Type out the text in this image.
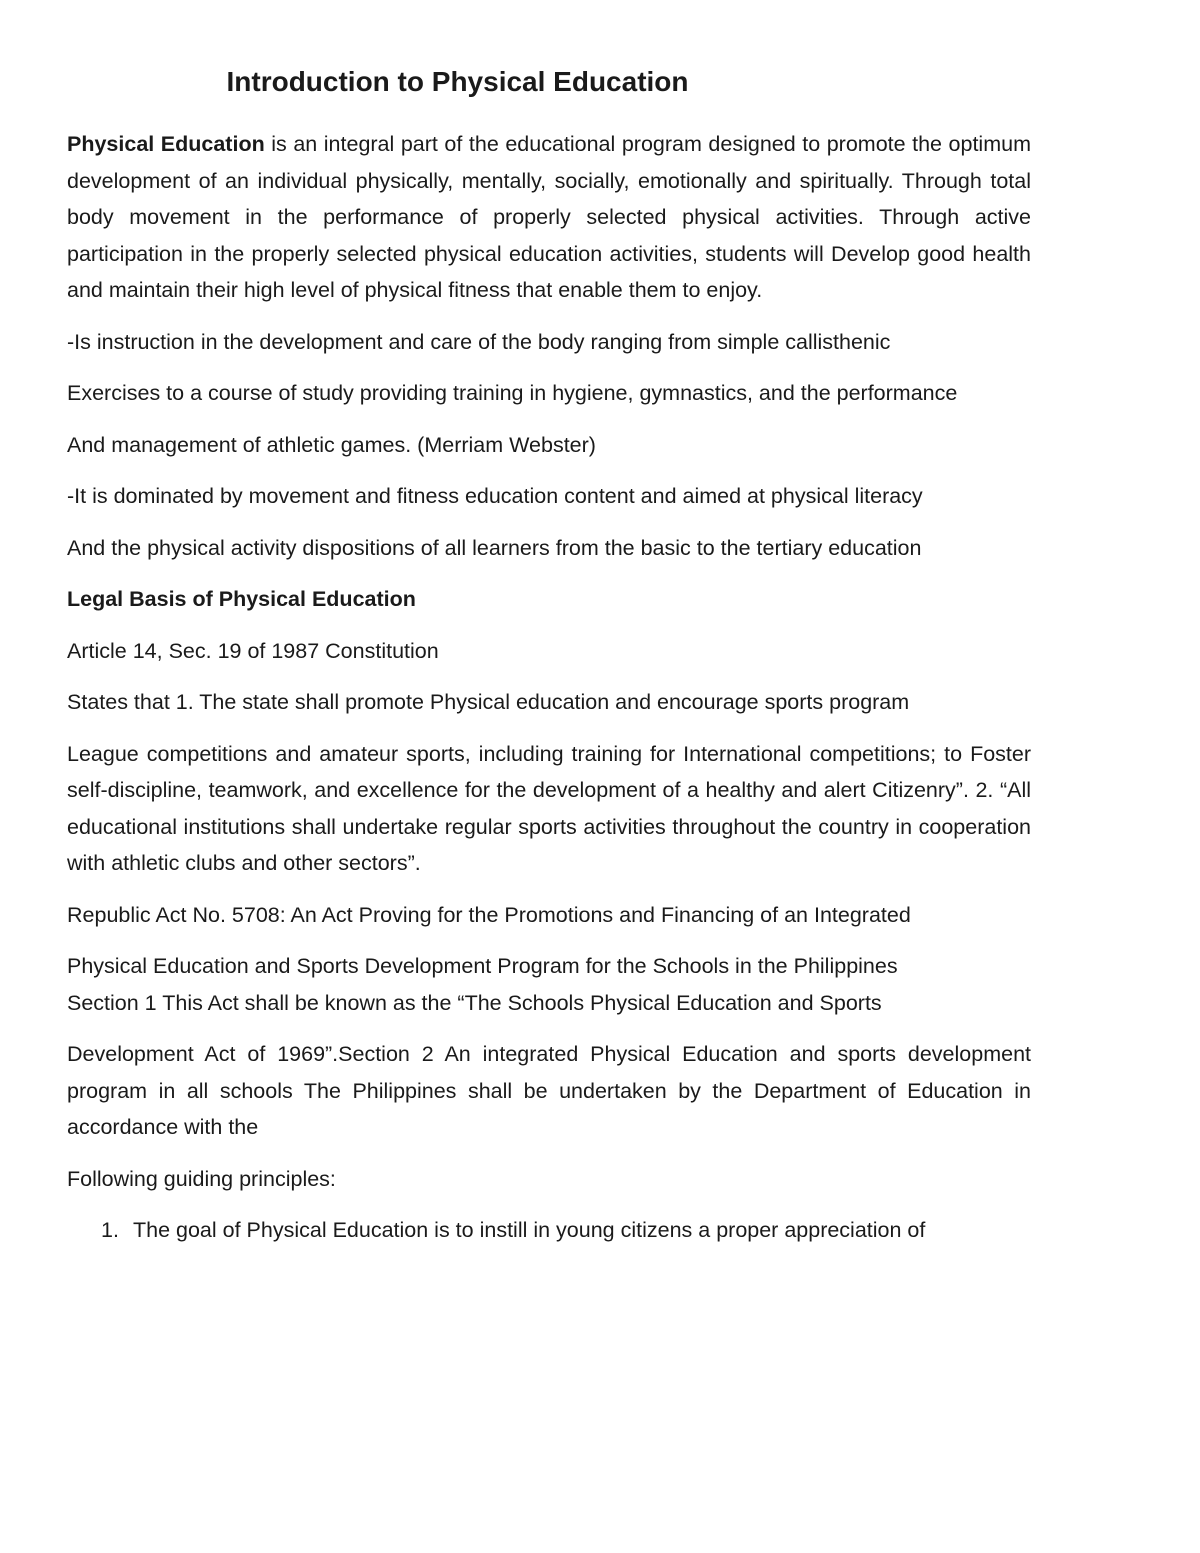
Introduction to Physical Education

Physical Education is an integral part of the educational program designed to promote the optimum development of an individual physically, mentally, socially, emotionally and spiritually. Through total body movement in the performance of properly selected physical activities. Through active participation in the properly selected physical education activities, students will Develop good health and maintain their high level of physical fitness that enable them to enjoy.

-Is instruction in the development and care of the body ranging from simple callisthenic

Exercises to a course of study providing training in hygiene, gymnastics, and the performance

And management of athletic games. (Merriam Webster)

-It is dominated by movement and fitness education content and aimed at physical literacy

And the physical activity dispositions of all learners from the basic to the tertiary education

Legal Basis of Physical Education

Article 14, Sec. 19 of 1987 Constitution

States that 1. The state shall promote Physical education and encourage sports program

League competitions and amateur sports, including training for International competitions; to Foster self-discipline, teamwork, and excellence for the development of a healthy and alert Citizenry”. 2. “All educational institutions shall undertake regular sports activities throughout the country in cooperation with athletic clubs and other sectors”.

Republic Act No. 5708: An Act Proving for the Promotions and Financing of an Integrated

Physical Education and Sports Development Program for the Schools in the Philippines

Section 1 This Act shall be known as the “The Schools Physical Education and Sports

Development Act of 1969”.Section 2 An integrated Physical Education and sports development program in all schools The Philippines shall be undertaken by the Department of Education in accordance with the

Following guiding principles:

1. The goal of Physical Education is to instill in young citizens a proper appreciation of
